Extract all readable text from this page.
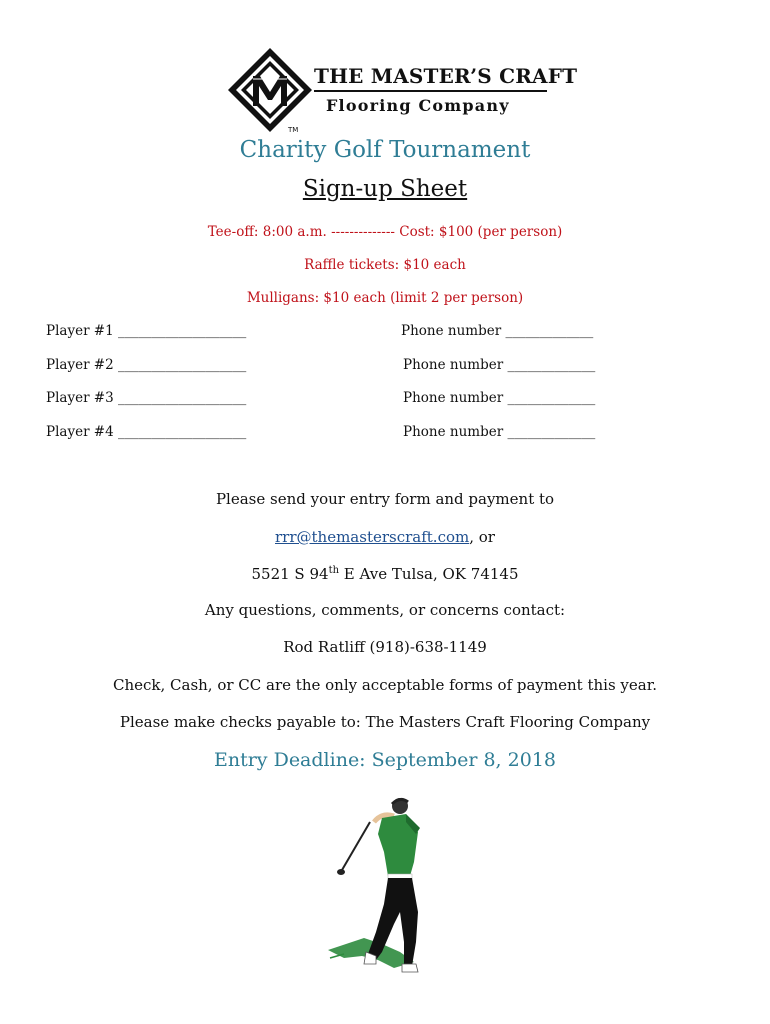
THE MASTER’S CRAFT
Flooring Company
TM
Charity Golf Tournament
Sign-up Sheet
Tee-off: 8:00 a.m. -------------- Cost: $100 (per person)
Raffle tickets: $10 each
Mulligans: $10 each (limit 2 per person)
Player #1 ___________________	Phone number _____________
Player #2 ___________________	Phone number _____________
Player #3 ___________________	Phone number _____________
Player #4 ___________________	Phone number _____________
Please send your entry form and payment to
rrr@themasterscraft.com, or
5521 S 94th E Ave Tulsa, OK 74145
Any questions, comments, or concerns contact:
Rod Ratliff (918)-638-1149
Check, Cash, or CC are the only acceptable forms of payment this year.
Please make checks payable to: The Masters Craft Flooring Company
Entry Deadline: September 8, 2018
